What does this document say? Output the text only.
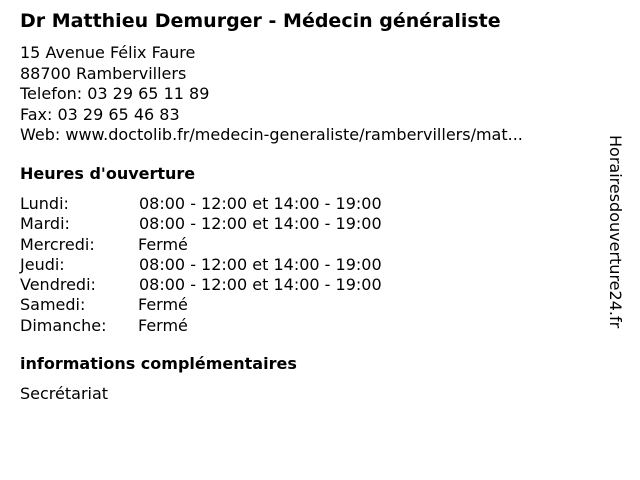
Dr Matthieu Demurger - Médecin généraliste
15 Avenue Félix Faure
88700 Rambervillers
Telefon: 03 29 65 11 89
Fax: 03 29 65 46 83
Web: www.doctolib.fr/medecin-generaliste/rambervillers/mat...
Heures d'ouverture
Lundi:	08:00 - 12:00 et 14:00 - 19:00
Mardi:	08:00 - 12:00 et 14:00 - 19:00
Mercredi:	Fermé
Jeudi:	08:00 - 12:00 et 14:00 - 19:00
Vendredi:	08:00 - 12:00 et 14:00 - 19:00
Samedi:	Fermé
Dimanche: Fermé
informations complémentaires
Secrétariat
Horairesdouverture24.fr
